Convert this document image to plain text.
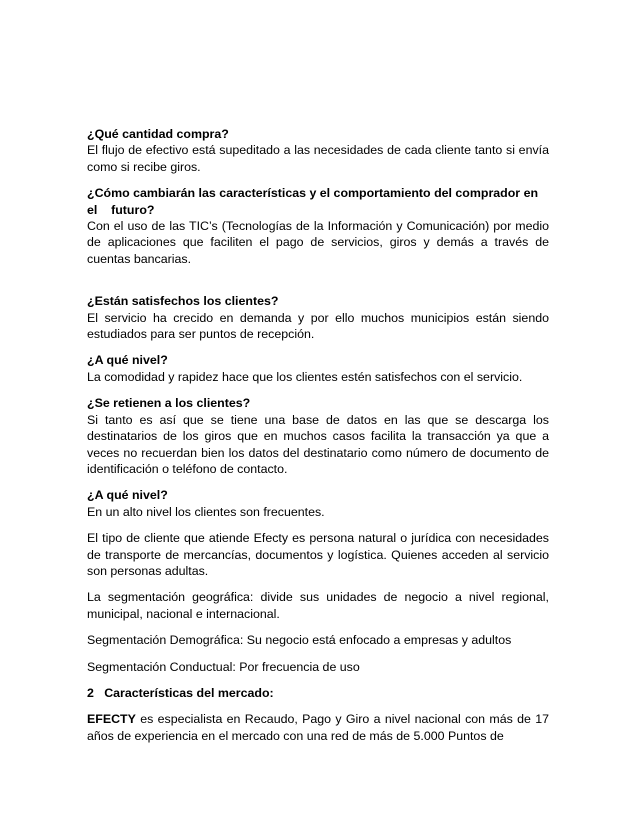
¿Qué cantidad compra?
El flujo de efectivo está supeditado a las necesidades de cada cliente tanto si envía como si recibe giros.
¿Cómo cambiarán las características y el comportamiento del comprador en el    futuro?
Con el uso de las TIC’s (Tecnologías de la Información y Comunicación) por medio de aplicaciones que faciliten el pago de servicios, giros y demás a través de cuentas bancarias.
¿Están satisfechos los clientes?
El servicio ha crecido en demanda y por ello muchos municipios están siendo estudiados para ser puntos de recepción.
¿A qué nivel?
La comodidad y rapidez hace que los clientes estén satisfechos con el servicio.
¿Se retienen a los clientes?
Si tanto es así que se tiene una base de datos en las que se descarga los destinatarios de los giros que en muchos casos facilita la transacción ya que a veces no recuerdan bien los datos del destinatario como número de documento de identificación o teléfono de contacto.
¿A qué nivel?
En un alto nivel los clientes son frecuentes.
El tipo de cliente que atiende Efecty es persona natural o jurídica con necesidades de transporte de mercancías, documentos y logística. Quienes acceden al servicio son personas adultas.
La segmentación geográfica: divide sus unidades de negocio a nivel regional, municipal, nacional e internacional.
Segmentación Demográfica: Su negocio está enfocado a empresas y adultos
Segmentación Conductual: Por frecuencia de uso
2   Características del mercado:
EFECTY es especialista en Recaudo, Pago y Giro a nivel nacional con más de 17 años de experiencia en el mercado con una red de más de 5.000 Puntos de
